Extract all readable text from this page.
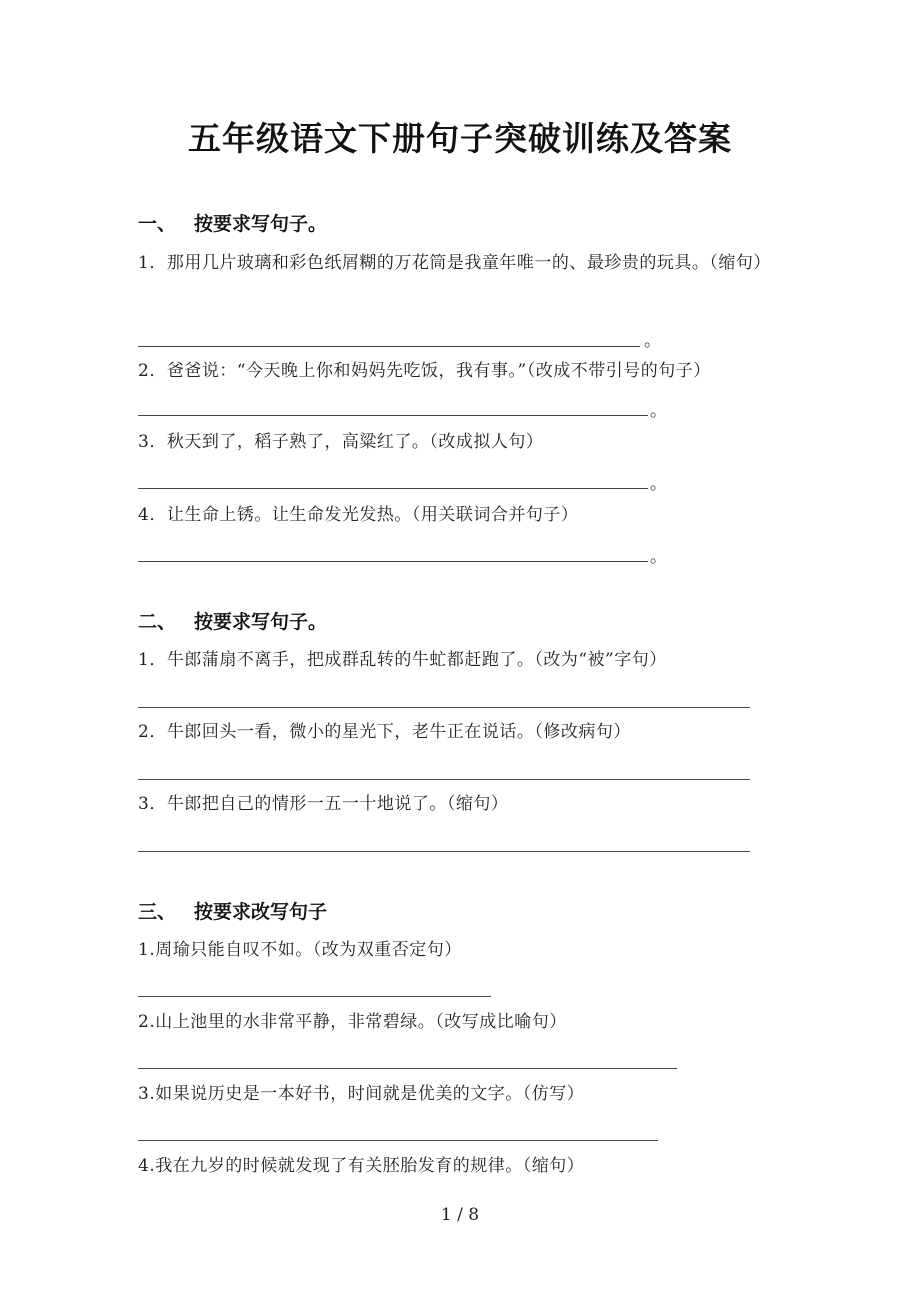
五年级语文下册句子突破训练及答案
一、 按要求写句子。
1．那用几片玻璃和彩色纸屑糊的万花筒是我童年唯一的、最珍贵的玩具。（缩句）
。
2．爸爸说：“今天晚上你和妈妈先吃饭，我有事。”（改成不带引号的句子）
。
3．秋天到了，稻子熟了，高粱红了。（改成拟人句）
。
4．让生命上锈。让生命发光发热。（用关联词合并句子）
。
二、 按要求写句子。
1．牛郎蒲扇不离手，把成群乱转的牛虻都赶跑了。（改为“被”字句）
2．牛郎回头一看，微小的星光下，老牛正在说话。（修改病句）
3．牛郎把自己的情形一五一十地说了。（缩句）
三、 按要求改写句子
1.周瑜只能自叹不如。（改为双重否定句）
2.山上池里的水非常平静，非常碧绿。（改写成比喻句）
3.如果说历史是一本好书，时间就是优美的文字。（仿写）
4.我在九岁的时候就发现了有关胚胎发育的规律。（缩句）
1 / 8
